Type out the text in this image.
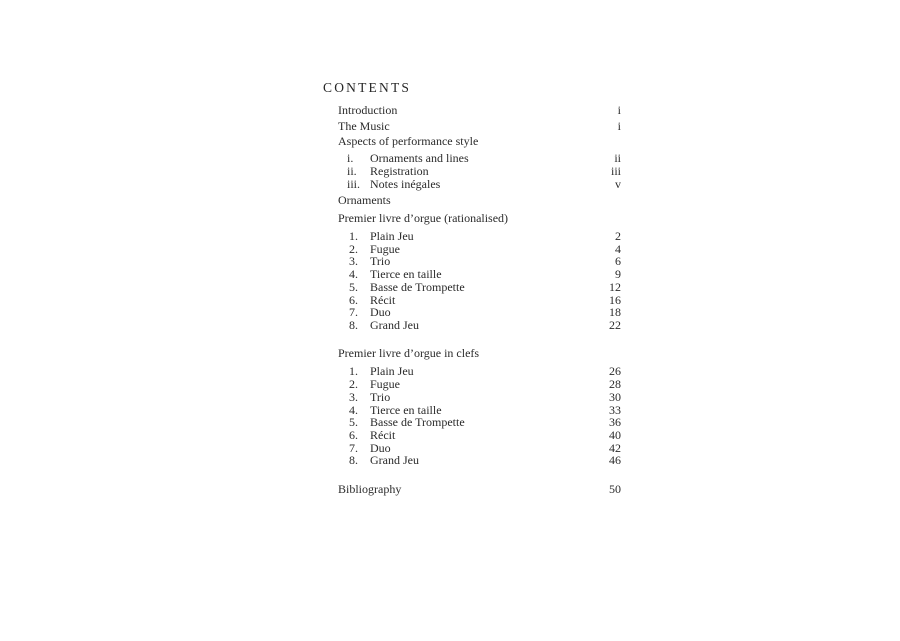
CONTENTS
Introduction	i
The Music	i
Aspects of performance style
i. Ornaments and lines	ii
ii. Registration	iii
iii. Notes inégales	v
Ornaments
Premier livre d’orgue (rationalised)
1. Plain Jeu	2
2. Fugue	4
3. Trio	6
4. Tierce en taille	9
5. Basse de Trompette	12
6. Récit	16
7. Duo	18
8. Grand Jeu	22
Premier livre d’orgue in clefs
1. Plain Jeu	26
2. Fugue	28
3. Trio	30
4. Tierce en taille	33
5. Basse de Trompette	36
6. Récit	40
7. Duo	42
8. Grand Jeu	46
Bibliography	50
